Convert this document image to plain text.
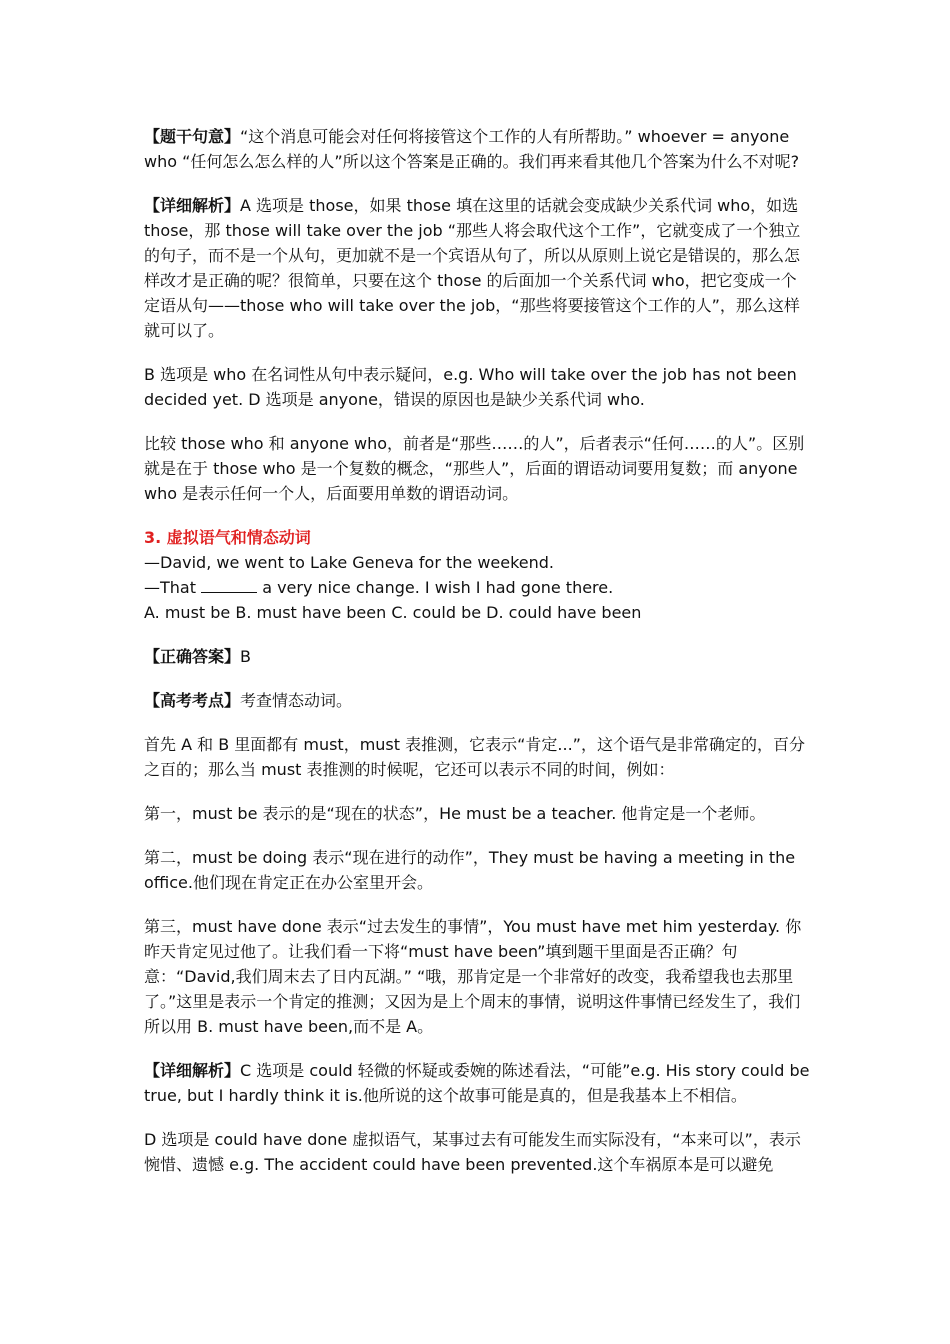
【题干句意】“这个消息可能会对任何将接管这个工作的人有所帮助。” whoever = anyone who “任何怎么怎么样的人”所以这个答案是正确的。我们再来看其他几个答案为什么不对呢?

【详细解析】A 选项是 those，如果 those 填在这里的话就会变成缺少关系代词 who，如选 those，那 those will take over the job “那些人将会取代这个工作”，它就变成了一个独立的句子，而不是一个从句，更加就不是一个宾语从句了，所以从原则上说它是错误的，那么怎样改才是正确的呢？很简单，只要在这个 those 的后面加一个关系代词 who，把它变成一个定语从句——those who will take over the job，“那些将要接管这个工作的人”，那么这样就可以了。

B 选项是 who 在名词性从句中表示疑问，e.g. Who will take over the job has not been decided yet. D 选项是 anyone，错误的原因也是缺少关系代词 who.

比较 those who 和 anyone who，前者是“那些……的人”，后者表示“任何……的人”。区别就是在于 those who 是一个复数的概念，“那些人”，后面的谓语动词要用复数；而 anyone who 是表示任何一个人，后面要用单数的谓语动词。

3. 虚拟语气和情态动词
—David, we went to Lake Geneva for the weekend.
—That	a very nice change. I wish I had gone there.
A. must be B. must have been C. could be D. could have been

【正确答案】B

【高考考点】考查情态动词。

首先 A 和 B 里面都有 must，must 表推测，它表示“肯定...”，这个语气是非常确定的，百分之百的；那么当 must 表推测的时候呢，它还可以表示不同的时间，例如：

第一，must be 表示的是“现在的状态”，He must be a teacher. 他肯定是一个老师。

第二，must be doing 表示“现在进行的动作”，They must be having a meeting in the office.他们现在肯定正在办公室里开会。

第三，must have done 表示“过去发生的事情”，You must have met him yesterday. 你昨天肯定见过他了。让我们看一下将“must have been”填到题干里面是否正确？句意：“David,我们周末去了日内瓦湖。” “哦，那肯定是一个非常好的改变，我希望我也去那里了。”这里是表示一个肯定的推测；又因为是上个周末的事情，说明这件事情已经发生了，我们所以用 B. must have been,而不是 A。

【详细解析】C 选项是 could 轻微的怀疑或委婉的陈述看法，“可能”e.g. His story could be true, but I hardly think it is.他所说的这个故事可能是真的，但是我基本上不相信。

D 选项是 could have done 虚拟语气，某事过去有可能发生而实际没有，“本来可以”，表示惋惜、遗憾 e.g. The accident could have been prevented.这个车祸原本是可以避免
